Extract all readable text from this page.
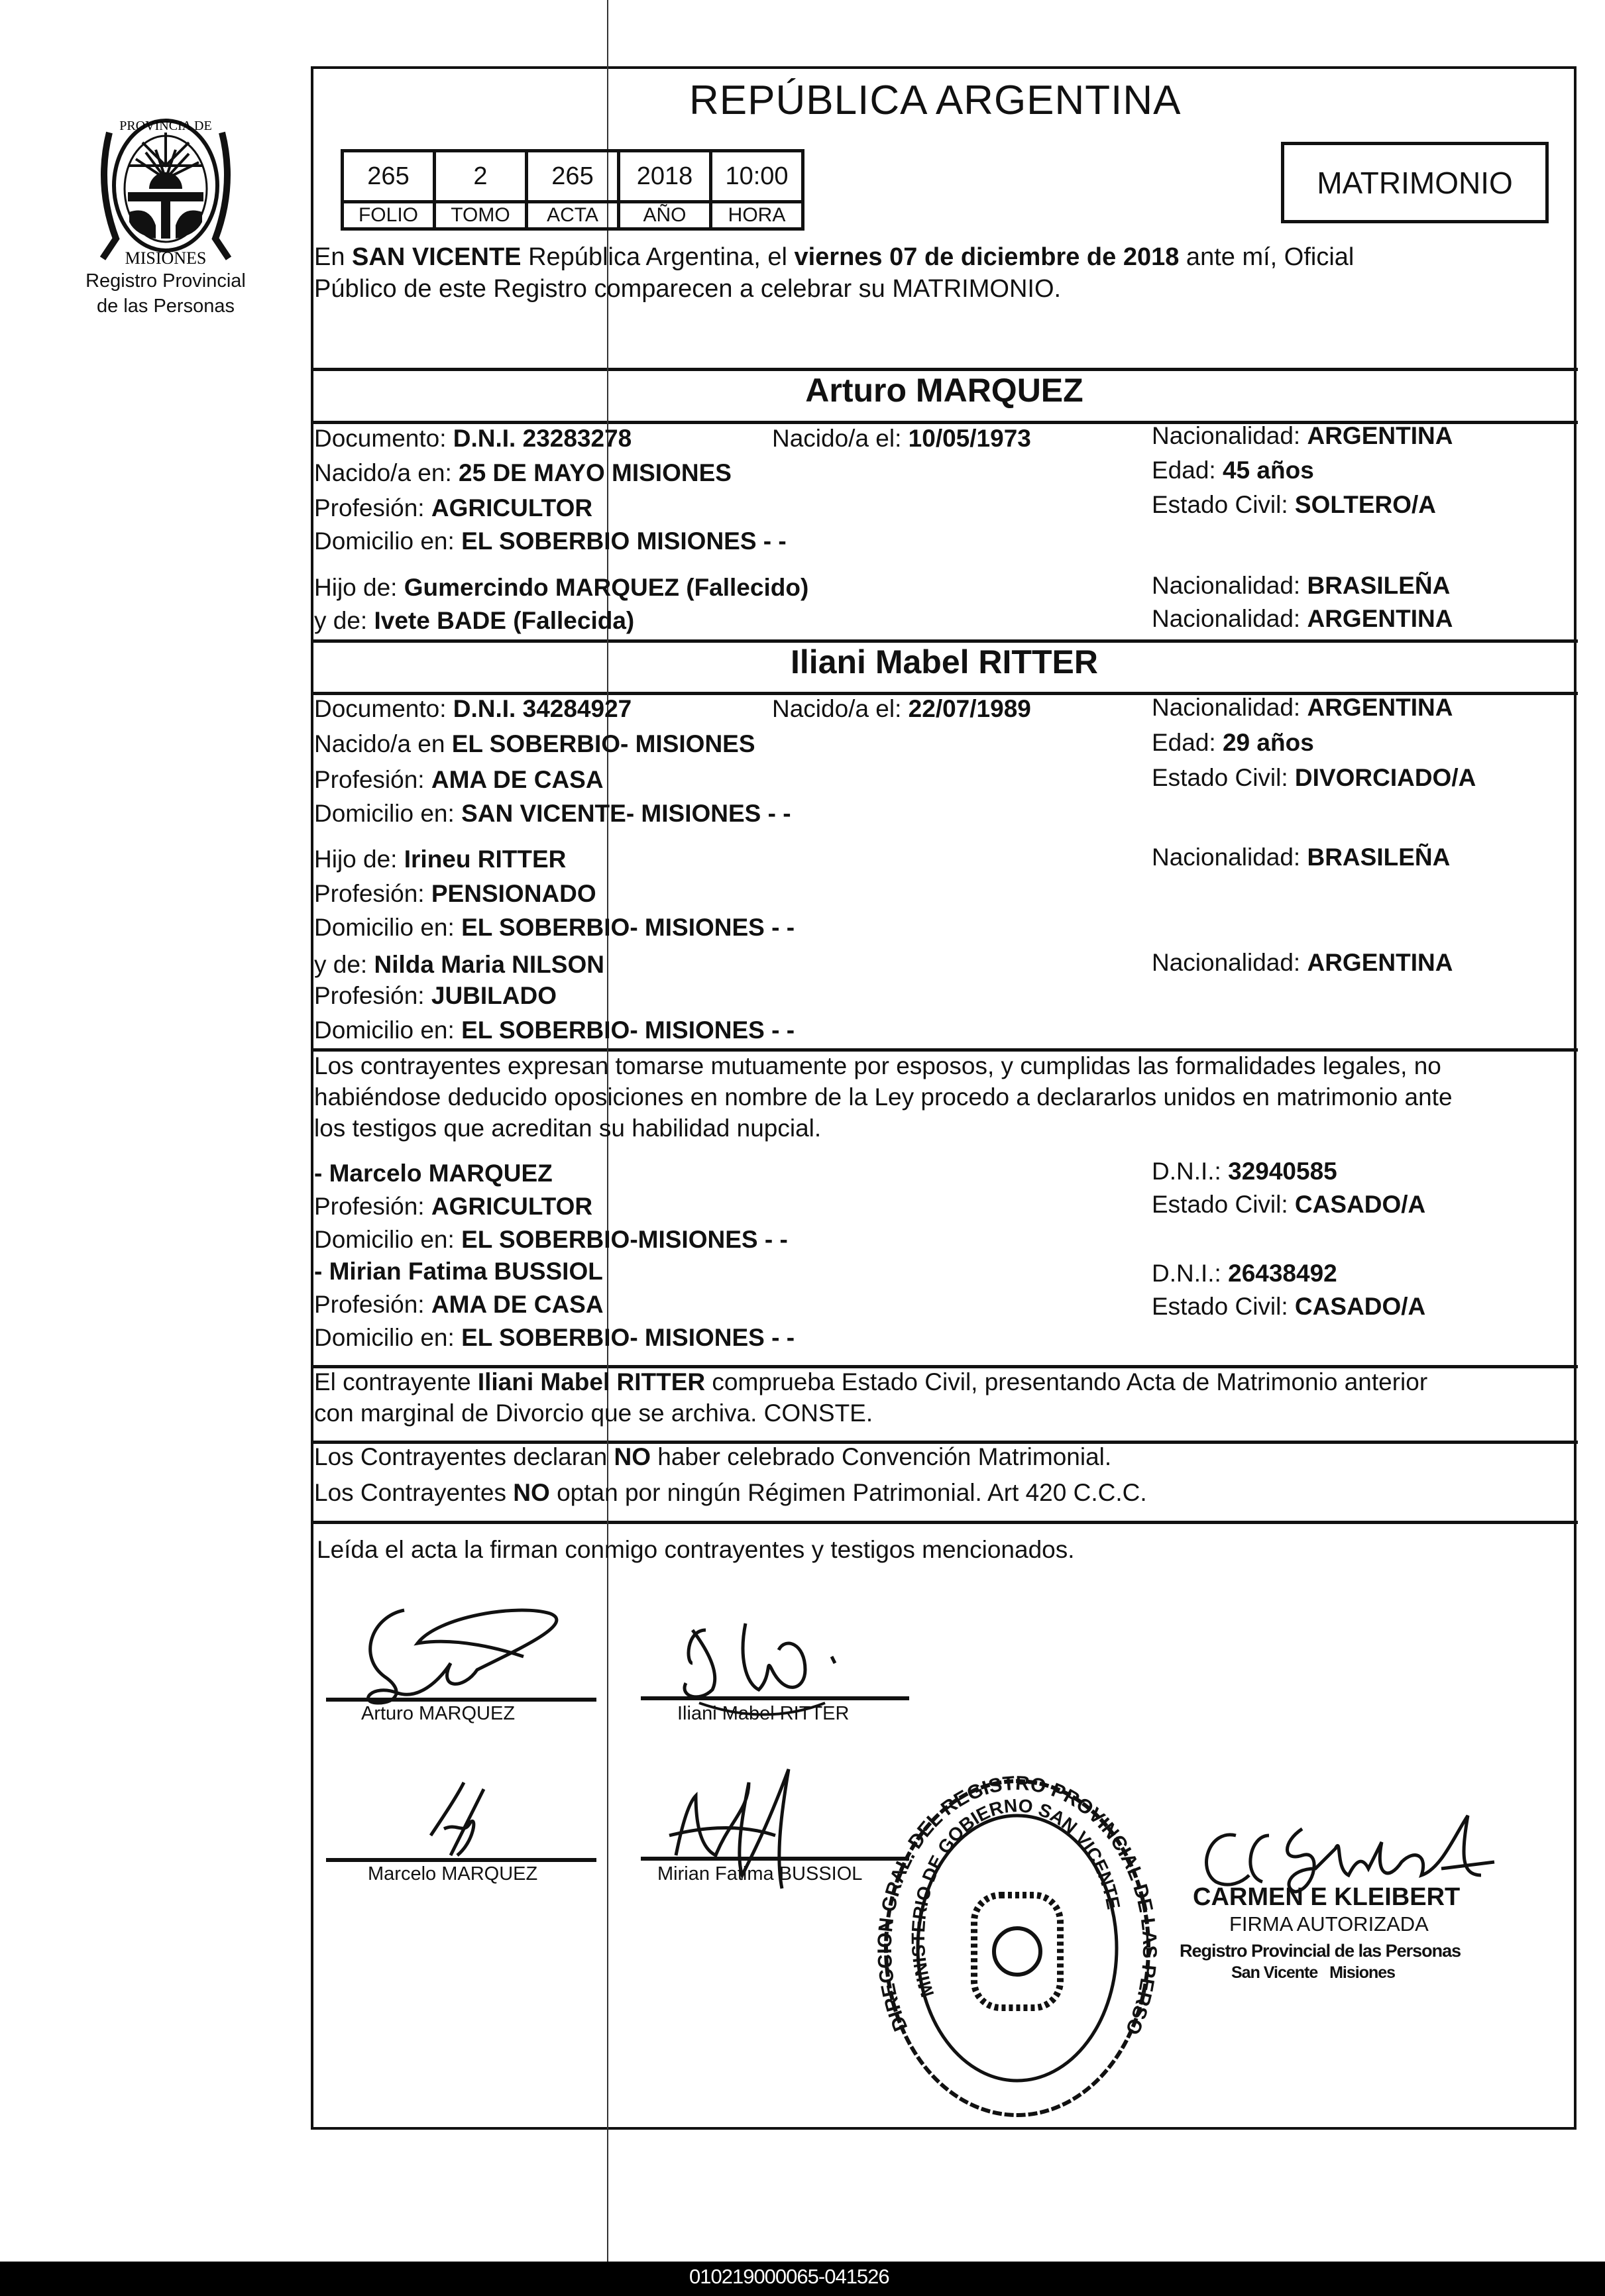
PROVINCIA DE
MISIONES
Registro Provincial
de las Personas
REPÚBLICA ARGENTINA
265	2	265	2018	10:00
FOLIO	TOMO	ACTA	AÑO	HORA
MATRIMONIO
En SAN VICENTE República Argentina, el viernes 07 de diciembre de 2018 ante mí, Oficial
Público de este Registro comparecen a celebrar su MATRIMONIO.
Arturo MARQUEZ
Documento: D.N.I. 23283278	Nacido/a el: 10/05/1973	Nacionalidad: ARGENTINA
Nacido/a en: 25 DE MAYO MISIONES	Edad: 45 años
Profesión: AGRICULTOR	Estado Civil: SOLTERO/A
Domicilio en: EL SOBERBIO MISIONES - -
Hijo de: Gumercindo MARQUEZ (Fallecido)	Nacionalidad: BRASILEÑA
y de: Ivete BADE (Fallecida)	Nacionalidad: ARGENTINA
Iliani Mabel RITTER
Documento: D.N.I. 34284927	Nacido/a el: 22/07/1989	Nacionalidad: ARGENTINA
Nacido/a en EL SOBERBIO- MISIONES	Edad: 29 años
Profesión: AMA DE CASA	Estado Civil: DIVORCIADO/A
Domicilio en: SAN VICENTE- MISIONES - -
Hijo de: Irineu RITTER	Nacionalidad: BRASILEÑA
Profesión: PENSIONADO
Domicilio en: EL SOBERBIO- MISIONES - -
y de: Nilda Maria NILSON	Nacionalidad: ARGENTINA
Profesión: JUBILADO
Domicilio en: EL SOBERBIO- MISIONES - -
Los contrayentes expresan tomarse mutuamente por esposos, y cumplidas las formalidades legales, no
habiéndose deducido oposiciones en nombre de la Ley procedo a declararlos unidos en matrimonio ante
los testigos que acreditan su habilidad nupcial.
- Marcelo MARQUEZ	D.N.I.: 32940585
Profesión: AGRICULTOR	Estado Civil: CASADO/A
Domicilio en: EL SOBERBIO-MISIONES - -
- Mirian Fatima BUSSIOL	D.N.I.: 26438492
Profesión: AMA DE CASA	Estado Civil: CASADO/A
Domicilio en: EL SOBERBIO- MISIONES - -
El contrayente Iliani Mabel RITTER comprueba Estado Civil, presentando Acta de Matrimonio anterior
con marginal de Divorcio que se archiva. CONSTE.
Los Contrayentes declaran NO haber celebrado Convención Matrimonial.
Los Contrayentes NO optan por ningún Régimen Patrimonial. Art 420 C.C.C.
Leída el acta la firman conmigo contrayentes y testigos mencionados.
Arturo MARQUEZ	Iliani Mabel RITTER
Marcelo MARQUEZ	Mirian Fatima BUSSIOL
DIRECCION GRAL. DEL REGISTRO PROVINCIAL DE LAS PERSONAS
MINISTERIO DE GOBIERNO SAN VICENTE	CARMEN E KLEIBERT
FIRMA AUTORIZADA
Registro Provincial de las Personas
San Vicente   Misiones
010219000065-041526
